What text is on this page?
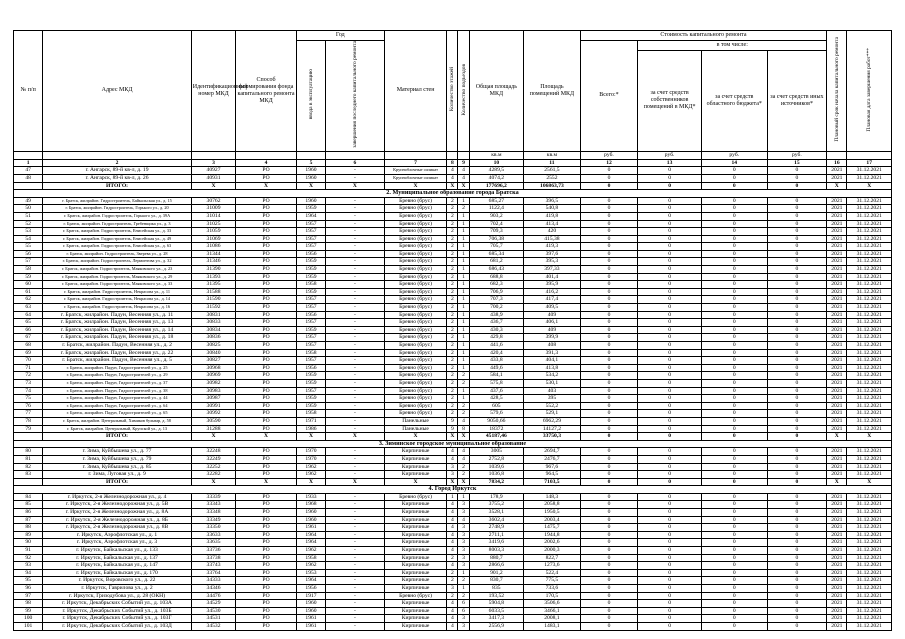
№ п/п	Адрес МКД	Идентификационный номер МКД	Способ формирования фонда капитального ремонта МКД	Год		Материал стен	Количество этажей	Количество подъездов	Общая площадь МКД	Площадь помещений МКД	Стоимость капитального ремонта				Плановый срок начала капитального ремонта	Плановая дата завершения работ***
				ввода в эксплуатацию	завершения последнего капитального ремонта						Всего:*	в том числе:				
												за счет средств собственников помещений в МКД*	за счет средств областного бюджета*	за счет средств иных источников*		

									кв.м	кв.м	руб.	руб.	руб.	руб.		
1	2	3	4	5	6	7	8	9	10	11	12	13	14	15	16	17
47	г. Ангарск, 89-й кв-л, д. 19	40927	РО	1960	-	Крупноблочные силикат	4	4	4289,5	2561,5	0	0	0	0	2021	31.12.2021
48	г. Ангарск, 89-й кв-л, д. 26	40931	РО	1960	-	Крупноблочные силикат	4	4	4074,2	2552	0	0	0	0	2021	31.12.2021
	ИТОГО:	X	X	X	X	X	X	X	177696,2	106863,73	0	0	0	0	X	X
2. Муниципальное образование города Братска																
49	г. Братск, жилрайон. Гидростроитель, Байкальская ул., д. 15	30762	РО	1960	-	Бревно (брус)	2	1	685,27	396,5	0	0	0	0	2021	31.12.2021
50	г. Братск, жилрайон. Гидростроитель, Горького ул., д. 20	31009	РО	1959	-	Бревно (брус)	2	2	1122,4	540,8	0	0	0	0	2021	31.12.2021
51	г. Братск, жилрайон. Гидростроитель, Горького ул., д. 39А	31014	РО	1964	-	Бревно (брус)	2	1	903,2	419,8	0	0	0	0	2021	31.12.2021
52	г. Братск, жилрайон. Гидростроитель, Гребенщика ул., д. 3	31025	РО	1957	-	Бревно (брус)	2	1	702,4	413,4	0	0	0	0	2021	31.12.2021
53	г. Братск, жилрайон. Гидростроитель, Енисейская ул., д. 33	31059	РО	1957	-	Бревно (брус)	2	1	709,3	420	0	0	0	0	2021	31.12.2021
54	г. Братск, жилрайон. Гидростроитель, Енисейская ул., д. 49	31069	РО	1957	-	Бревно (брус)	2	1	706,38	415,38	0	0	0	0	2021	31.12.2021
55	г. Братск, жилрайон. Гидростроитель, Енисейская ул., д. 63	31086	РО	1957	-	Бревно (брус)	2	1	705,7	419,3	0	0	0	0	2021	31.12.2021
56	г. Братск, жилрайон. Гидростроитель, Зверева ул., д. 28	31344	РО	1956	-	Бревно (брус)	2	1	685,34	397,6	0	0	0	0	2021	31.12.2021
57	г. Братск, жилрайон. Гидростроитель, Лермонтова ул., д. 32	31346	РО	1959	-	Бревно (брус)	2	1	681,2	395,3	0	0	0	0	2021	31.12.2021
58	г. Братск, жилрайон. Гидростроитель, Маяковского ул., д. 23	31390	РО	1959	-	Бревно (брус)	2	1	686,43	397,33	0	0	0	0	2021	31.12.2021
59	г. Братск, жилрайон. Гидростроитель, Маяковского ул., д. 29	31393	РО	1959	-	Бревно (брус)	2	1	688,8	401,4	0	0	0	0	2021	31.12.2021
60	г. Братск, жилрайон. Гидростроитель, Маяковского ул., д. 33	31395	РО	1958	-	Бревно (брус)	2	1	682,3	395,9	0	0	0	0	2021	31.12.2021
61	г. Братск, жилрайон. Гидростроитель, Некрасова ул., д. 11	31588	РО	1959	-	Бревно (брус)	2	1	706,9	416,2	0	0	0	0	2021	31.12.2021
62	г. Братск, жилрайон. Гидростроитель, Некрасова ул., д. 14	31590	РО	1957	-	Бревно (брус)	2	1	707,3	417,4	0	0	0	0	2021	31.12.2021
63	г. Братск, жилрайон. Гидростроитель, Некрасова ул., д. 16	31592	РО	1957	-	Бревно (брус)	2	1	700,2	409,5	0	0	0	0	2021	31.12.2021
64	г. Братск, жилрайон. Падун, Весенняя ул., д. 11	30831	РО	1956	-	Бревно (брус)	2	1	438,9	409	0	0	0	0	2021	31.12.2021
65	г. Братск, жилрайон. Падун, Весенняя ул., д. 13	30833	РО	1957	-	Бревно (брус)	2	1	436,7	406,1	0	0	0	0	2021	31.12.2021
66	г. Братск, жилрайон. Падун, Весенняя ул., д. 14	30834	РО	1959	-	Бревно (брус)	2	1	430,3	409	0	0	0	0	2021	31.12.2021
67	г. Братск, жилрайон. Падун, Весенняя ул., д. 18	30836	РО	1957	-	Бревно (брус)	2	1	429,8	399,9	0	0	0	0	2021	31.12.2021
68	г. Братск, жилрайон. Падун, Весенняя ул., д. 2	30825	РО	1957	-	Бревно (брус)	2	1	441,6	408	0	0	0	0	2021	31.12.2021
69	г. Братск, жилрайон. Падун, Весенняя ул., д. 22	30840	РО	1958	-	Бревно (брус)	2	1	420,4	391,3	0	0	0	0	2021	31.12.2021
70	г. Братск, жилрайон. Падун, Весенняя ул., д. 5	30827	РО	1957	-	Бревно (брус)	2	1	433,8	404,1	0	0	0	0	2021	31.12.2021
71	г. Братск, жилрайон. Падун, Гидростроителей ул., д. 25	30968	РО	1956	-	Бревно (брус)	2	1	449,6	413,8	0	0	0	0	2021	31.12.2021
72	г. Братск, жилрайон. Падун, Гидростроителей ул., д. 29	30969	РО	1959	-	Бревно (брус)	2	2	584,1	534,2	0	0	0	0	2021	31.12.2021
73	г. Братск, жилрайон. Падун, Гидростроителей ул., д. 37	30982	РО	1959	-	Бревно (брус)	2	2	575,8	530,1	0	0	0	0	2021	31.12.2021
74	г. Братск, жилрайон. Падун, Гидростроителей ул., д. 38	30983	РО	1957	-	Бревно (брус)	2	1	437,6	403	0	0	0	0	2021	31.12.2021
75	г. Братск, жилрайон. Падун, Гидростроителей ул., д. 44	30987	РО	1959	-	Бревно (брус)	2	1	428,5	395	0	0	0	0	2021	31.12.2021
76	г. Братск, жилрайон. Падун, Гидростроителей ул., д. 64	30991	РО	1959	-	Бревно (брус)	2	2	605	552,2	0	0	0	0	2021	31.12.2021
77	г. Братск, жилрайон. Падун, Гидростроителей ул., д. 65	30992	РО	1958	-	Бревно (брус)	2	2	579,6	529,1	0	0	0	0	2021	31.12.2021
78	г. Братск, жилрайон. Центральный, Химиков бульвар, д. 58	30590	РО	1971	-	Панельные	9	4	9050,66	6962,29	0	0	0	0	2021	31.12.2021
79	г. Братск, жилрайон. Центральный, Крупской ул., д. 13	31288	РО	1986	-	Панельные	9	8	18372	14127,2	0	0	0	0	2021	31.12.2021
	ИТОГО:	X	X	X	X	X	X	X	45187,46	33750,3	0	0	0	0	X	X
3. Зиминское городское муниципальное образование																
80	г. Зима, Куйбышева ул., д. 77	32248	РО	1970	-	Кирпичные	4	4	3005	2694,7	0	0	0	0	2021	31.12.2021
81	г. Зима, Куйбышева ул., д. 79	32249	РО	1970	-	Кирпичные	4	4	2752,8	2476,7	0	0	0	0	2021	31.12.2021
82	г. Зима, Куйбышева ул., д. 85	32252	РО	1962	-	Кирпичные	3	2	1039,6	967,6	0	0	0	0	2021	31.12.2021
83	г. Зима, Луговая ул., д. 9	32282	РО	1962	-	Кирпичные	3	2	1036,8	964,5	0	0	0	0	2021	31.12.2021
	ИТОГО:	X	X	X	X	X	X	X	7834,2	7103,5	0	0	0	0	X	X
4. Город Иркутск																
84	г. Иркутск, 2-я Железнодорожная ул., д. 4	33339	РО	1933	-	Бревно (брус)	1	1	178,9	148,3	0	0	0	0	2021	31.12.2021
85	г. Иркутск, 2-я Железнодорожная ул., д. 5В	33343	РО	1968	-	Кирпичные	4	3	3755,2	2058,8	0	0	0	0	2021	31.12.2021
86	г. Иркутск, 2-я Железнодорожная ул., д. 8А	33348	РО	1960	-	Кирпичные	4	3	3528,1	1950,5	0	0	0	0	2021	31.12.2021
87	г. Иркутск, 2-я Железнодорожная ул., д. 8Б	33349	РО	1960	-	Кирпичные	4	4	3602,4	2003,4	0	0	0	0	2021	31.12.2021
88	г. Иркутск, 2-я Железнодорожная ул., д. 8В	33350	РО	1961	-	Кирпичные	4	3	2748,9	1475,7	0	0	0	0	2021	31.12.2021
89	г. Иркутск, Аэрофлотская ул., д. 1	33633	РО	1964	-	Кирпичные	4	3	2711,1	1944,8	0	0	0	0	2021	31.12.2021
90	г. Иркутск, Аэрофлотская ул., д. 3	33635	РО	1964	-	Кирпичные	4	3	3419,6	2002,6	0	0	0	0	2021	31.12.2021
91	г. Иркутск, Байкальская ул., д. 133	33736	РО	1962	-	Кирпичные	4	3	8003,3	2000,3	0	0	0	0	2021	31.12.2021
92	г. Иркутск, Байкальская ул., д. 137	33738	РО	1958	-	Кирпичные	2	3	880,7	822,7	0	0	0	0	2021	31.12.2021
93	г. Иркутск, Байкальская ул., д. 147	33743	РО	1962	-	Кирпичные	4	3	2866,6	1273,6	0	0	0	0	2021	31.12.2021
94	г. Иркутск, Байкальская ул., д. 170	33764	РО	1953	-	Кирпичные	2	1	901,2	522,4	0	0	0	0	2021	31.12.2021
95	г. Иркутск, Воровского ул., д. 22	34333	РО	1964	-	Кирпичные	2	2	830,7	775,5	0	0	0	0	2021	31.12.2021
96	г. Иркутск, Гаврилова ул., д. 2	34346	РО	1956	-	Кирпичные	3	1	835	733,6	0	0	0	0	2021	31.12.2021
97	г. Иркутск, Гризодубова ул., д. 28 (ОКН)	34476	РО	1917	-	Бревно (брус)	2	2	193,52	170,5	0	0	0	0	2021	31.12.2021
98	г. Иркутск, Декабрьских Событий ул., д. 103А	34529	РО	1960	-	Кирпичные	4	6	5904,8	3506,6	0	0	0	0	2021	31.12.2021
99	г. Иркутск, Декабрьских Событий ул., д. 103Б	34530	РО	1960	-	Кирпичные	4	6	6033,5	3466,1	0	0	0	0	2021	31.12.2021
100	г. Иркутск, Декабрьских Событий ул., д. 103Г	34531	РО	1961	-	Кирпичные	4	3	3417,3	2008,1	0	0	0	0	2021	31.12.2021
101	г. Иркутск, Декабрьских Событий ул., д. 103Д	34532	РО	1961	-	Кирпичные	4	3	2556,9	1483,1	0	0	0	0	2021	31.12.2021
